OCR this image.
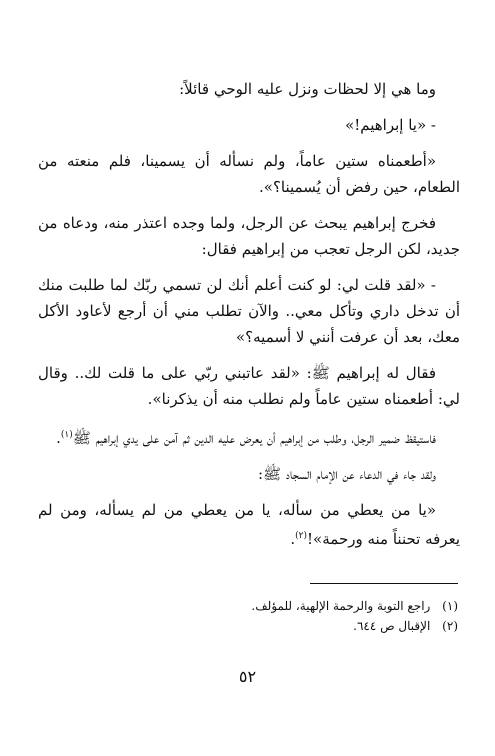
وما هي إلا لحظات ونزل عليه الوحي قائلاً:

- «يا إبراهيم!»

«أطعمناه ستين عاماً، ولم نسأله أن يسمينا، فلم منعته من الطعام، حين رفض أن يُسمينا؟».

فخرج إبراهيم يبحث عن الرجل، ولما وجده اعتذر منه، ودعاه من جديد، لكن الرجل تعجب من إبراهيم فقال:

- «لقد قلت لي: لو كنت أعلم أنك لن تسمي ربّك لما طلبت منك أن تدخل داري وتأكل معي.. والآن تطلب مني أن أرجع لأعاود الأكل معك، بعد أن عرفت أنني لا أسميه؟»

فقال له إبراهيم ﷺ: «لقد عاتبني ربّي على ما قلت لك.. وقال لي: أطعمناه ستين عاماً ولم نطلب منه أن يذكرنا».

فاستيقظ ضمير الرجل، وطلب من إبراهيم أن يعرض عليه الدين ثم آمن على يدي إبراهيم ﷺ$^{(١)}$.

ولقد جاء في الدعاء عن الإمام السجاد ﷺ:

«يا من يعطي من سأله، يا من يعطي من لم يسأله، ومن لم يعرفه تحنناً منه ورحمة»!$^{(٢)}$.

(١) راجع التوبة والرحمة الإلهية، للمؤلف.

(٢) الإقبال ص ٦٤٤.

٥٢
